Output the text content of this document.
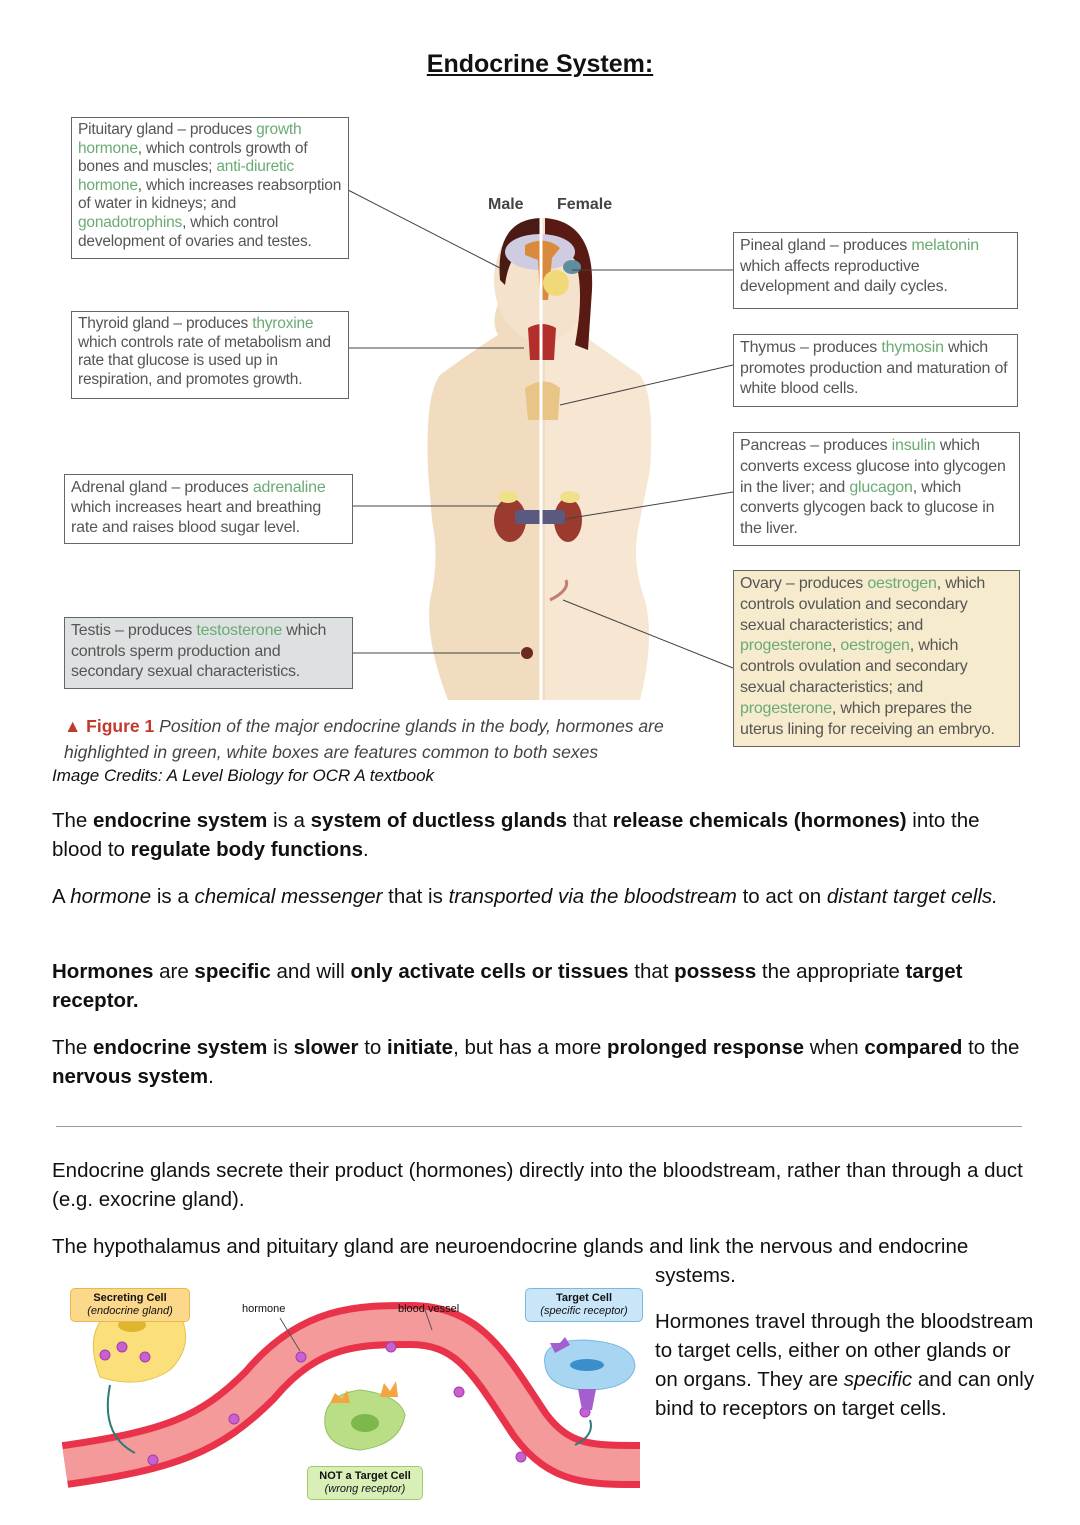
Endocrine System:
Male Female
Pituitary gland – produces growth hormone, which controls growth of bones and muscles; anti-diuretic hormone, which increases reabsorption of water in kidneys; and gonadotrophins, which control development of ovaries and testes.
Thyroid gland – produces thyroxine which controls rate of metabolism and rate that glucose is used up in respiration, and promotes growth.
Adrenal gland – produces adrenaline which increases heart and breathing rate and raises blood sugar level.
Testis – produces testosterone which controls sperm production and secondary sexual characteristics.
Pineal gland – produces melatonin which affects reproductive development and daily cycles.
Thymus – produces thymosin which promotes production and maturation of white blood cells.
Pancreas – produces insulin which converts excess glucose into glycogen in the liver; and glucagon, which converts glycogen back to glucose in the liver.
Ovary – produces oestrogen, which controls ovulation and secondary sexual characteristics; and progesterone, oestrogen, which controls ovulation and secondary sexual characteristics; and progesterone, which prepares the uterus lining for receiving an embryo.
▲ Figure 1 Position of the major endocrine glands in the body, hormones are highlighted in green, white boxes are features common to both sexes
Image Credits: A Level Biology for OCR A textbook
The endocrine system is a system of ductless glands that release chemicals (hormones) into the blood to regulate body functions.
A hormone is a chemical messenger that is transported via the bloodstream to act on distant target cells.
Hormones are specific and will only activate cells or tissues that possess the appropriate target receptor.
The endocrine system is slower to initiate, but has a more prolonged response when compared to the nervous system.
Endocrine glands secrete their product (hormones) directly into the bloodstream, rather than through a duct (e.g. exocrine gland).
The hypothalamus and pituitary gland are neuroendocrine glands and link the nervous and endocrine
systems.
Hormones travel through the bloodstream to target cells, either on other glands or on organs. They are specific and can only bind to receptors on target cells.
Secreting Cell
(endocrine gland)	hormone	blood vessel
Target Cell
(specific receptor)
NOT a Target Cell
(wrong receptor)
